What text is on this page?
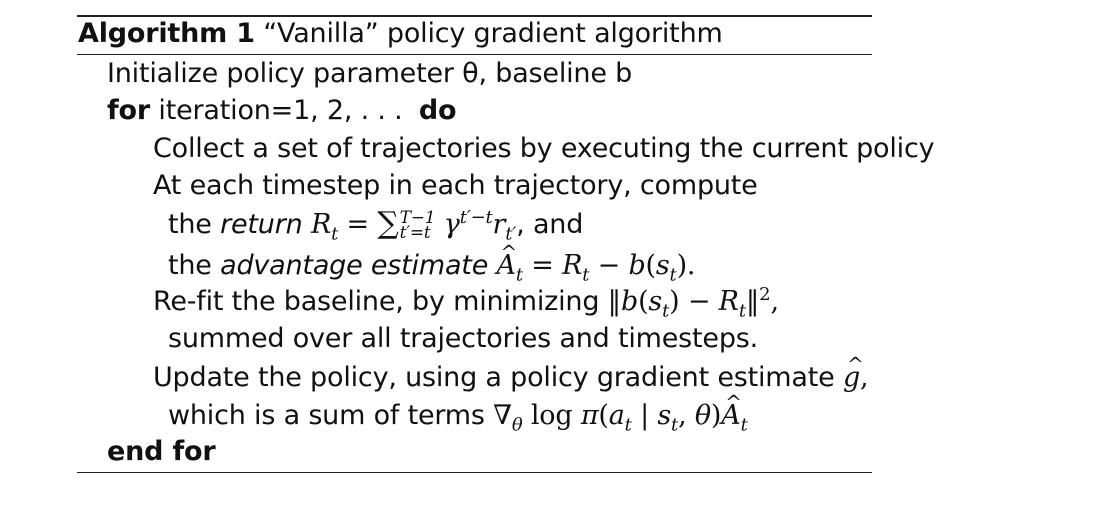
Algorithm 1 “Vanilla” policy gradient algorithm
Initialize policy parameter θ, baseline b
for iteration=1, 2, . . . do
Collect a set of trajectories by executing the current policy
At each timestep in each trajectory, compute
the return $R_t$ = ∑ T−1
t′=t $\gamma^{t'-t}r_{t'}$, and
the advantage estimate ^ $A_t = R_t - b(s_t)$.
Re-fit the baseline, by minimizing $‖b(s_t)$ − $R_t‖^2$,
summed over all trajectories and timesteps.
Update the policy, using a policy gradient estimate ^ g,
which is a sum of terms $\nabla_\theta$ $\log \pi(a_t$ | $s_t$, θ)^ $A_t$
end for
